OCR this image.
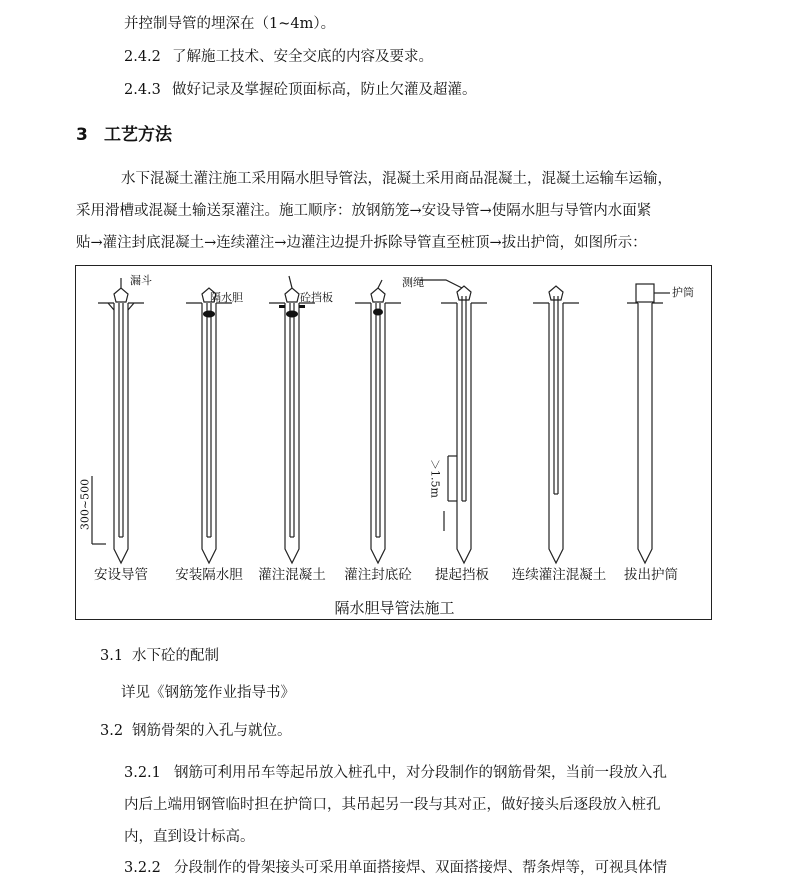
并控制导管的埋深在（1~4m）。
2.4.2 了解施工技术、安全交底的内容及要求。
2.4.3 做好记录及掌握砼顶面标高，防止欠灌及超灌。
3 工艺方法
水下混凝土灌注施工采用隔水胆导管法，混凝土采用商品混凝土，混凝土运输车运输，
采用滑槽或混凝土输送泵灌注。施工顺序：放钢筋笼→安设导管→使隔水胆与导管内水面紧
贴→灌注封底混凝土→连续灌注→边灌注边提升拆除导管直至桩顶→拔出护筒，如图所示：
漏斗
隔水胆	砼挡板
测绳
护筒
300~500
＞1.5m
安设导管	安装隔水胆	灌注混凝土	灌注封底砼	提起挡板	连续灌注混凝土	拔出护筒
隔水胆导管法施工
3.1 水下砼的配制
详见《钢筋笼作业指导书》
3.2 钢筋骨架的入孔与就位。
3.2.1 钢筋可利用吊车等起吊放入桩孔中，对分段制作的钢筋骨架，当前一段放入孔
内后上端用钢管临时担在护筒口，其吊起另一段与其对正，做好接头后逐段放入桩孔
内，直到设计标高。
3.2.2 分段制作的骨架接头可采用单面搭接焊、双面搭接焊、帮条焊等，可视具体情
